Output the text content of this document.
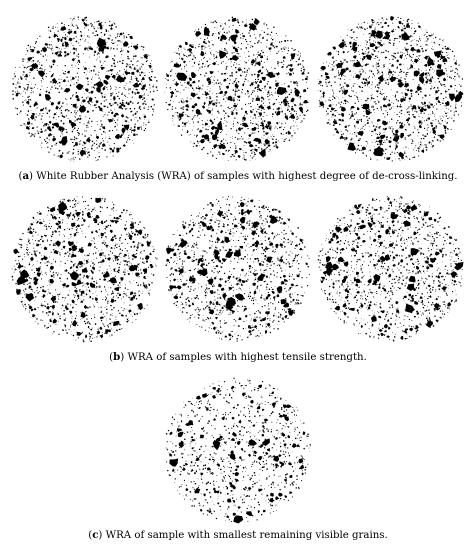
(a) White Rubber Analysis (WRA) of samples with highest degree of de-cross-linking.
(b) WRA of samples with highest tensile strength.
(c) WRA of sample with smallest remaining visible grains.
